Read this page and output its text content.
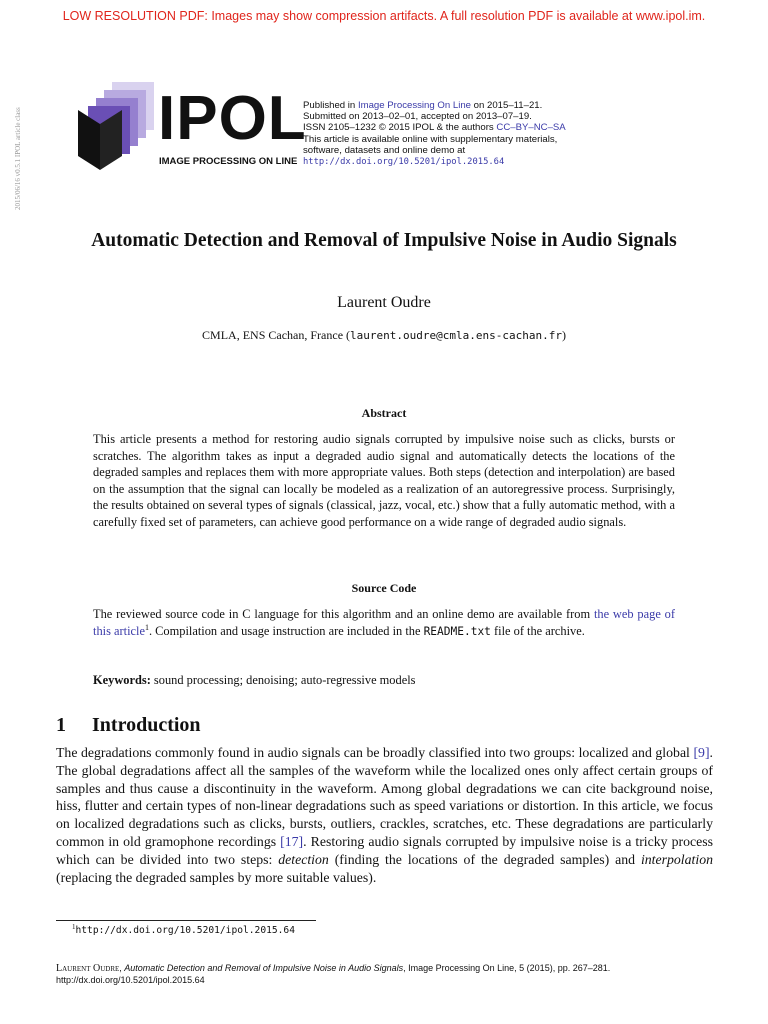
LOW RESOLUTION PDF: Images may show compression artifacts. A full resolution PDF is available at www.ipol.im.
2015/06/16 v0.5.1 IPOL article class IPOL
IMAGE PROCESSING ON LINE
Published in Image Processing On Line on 2015–11–21.
Submitted on 2013–02–01, accepted on 2013–07–19.
ISSN 2105–1232 © 2015 IPOL & the authors CC–BY–NC–SA
This article is available online with supplementary materials,
software, datasets and online demo at
http://dx.doi.org/10.5201/ipol.2015.64
Automatic Detection and Removal of Impulsive Noise in Audio Signals
Laurent Oudre
CMLA, ENS Cachan, France (laurent.oudre@cmla.ens-cachan.fr)
Abstract
This article presents a method for restoring audio signals corrupted by impulsive noise such as clicks, bursts or scratches. The algorithm takes as input a degraded audio signal and automatically detects the locations of the degraded samples and replaces them with more appropriate values. Both steps (detection and interpolation) are based on the assumption that the signal can locally be modeled as a realization of an autoregressive process. Surprisingly, the results obtained on several types of signals (classical, jazz, vocal, etc.) show that a fully automatic method, with a carefully fixed set of parameters, can achieve good performance on a wide range of degraded audio signals.
Source Code
The reviewed source code in C language for this algorithm and an online demo are available from the web page of this article$^1$. Compilation and usage instruction are included in the README.txt file of the archive.
Keywords: sound processing; denoising; auto-regressive models
1 Introduction
The degradations commonly found in audio signals can be broadly classified into two groups: localized and global [9]. The global degradations affect all the samples of the waveform while the localized ones only affect certain groups of samples and thus cause a discontinuity in the waveform. Among global degradations we can cite background noise, hiss, flutter and certain types of non-linear degradations such as speed variations or distortion. In this article, we focus on localized degradations such as clicks, bursts, outliers, crackles, scratches, etc. These degradations are particularly common in old gramophone recordings [17]. Restoring audio signals corrupted by impulsive noise is a tricky process which can be divided into two steps: detection (finding the locations of the degraded samples) and interpolation (replacing the degraded samples by more suitable values).
$^1$http://dx.doi.org/10.5201/ipol.2015.64
Laurent Oudre, Automatic Detection and Removal of Impulsive Noise in Audio Signals, Image Processing On Line, 5 (2015), pp. 267–281.
http://dx.doi.org/10.5201/ipol.2015.64
